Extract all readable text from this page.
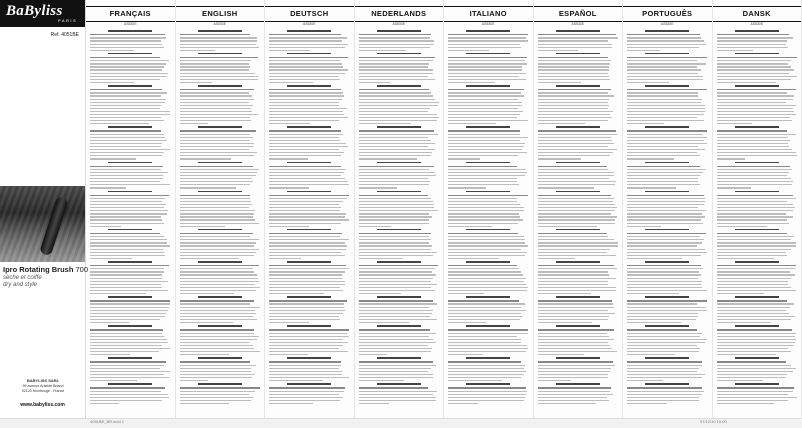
BaByliss
PARIS
Ref. 4051BE
Ipro Rotating Brush 700
sèche et coiffe
dry and style
BABYLISS SARL
99 avenue Aristide Briand
92120 Montrouge - France
www.babyliss.com
FRANÇAIS
AS530E
ENGLISH
AS530E
DEUTSCH
AS530E
NEDERLANDS
AS530E
ITALIANO
AS530E
ESPAÑOL
AS530E
PORTUGUÊS
AS530E
DANSK
AS530E
4051BE_BR.indd 1	07/12/10 10:00
